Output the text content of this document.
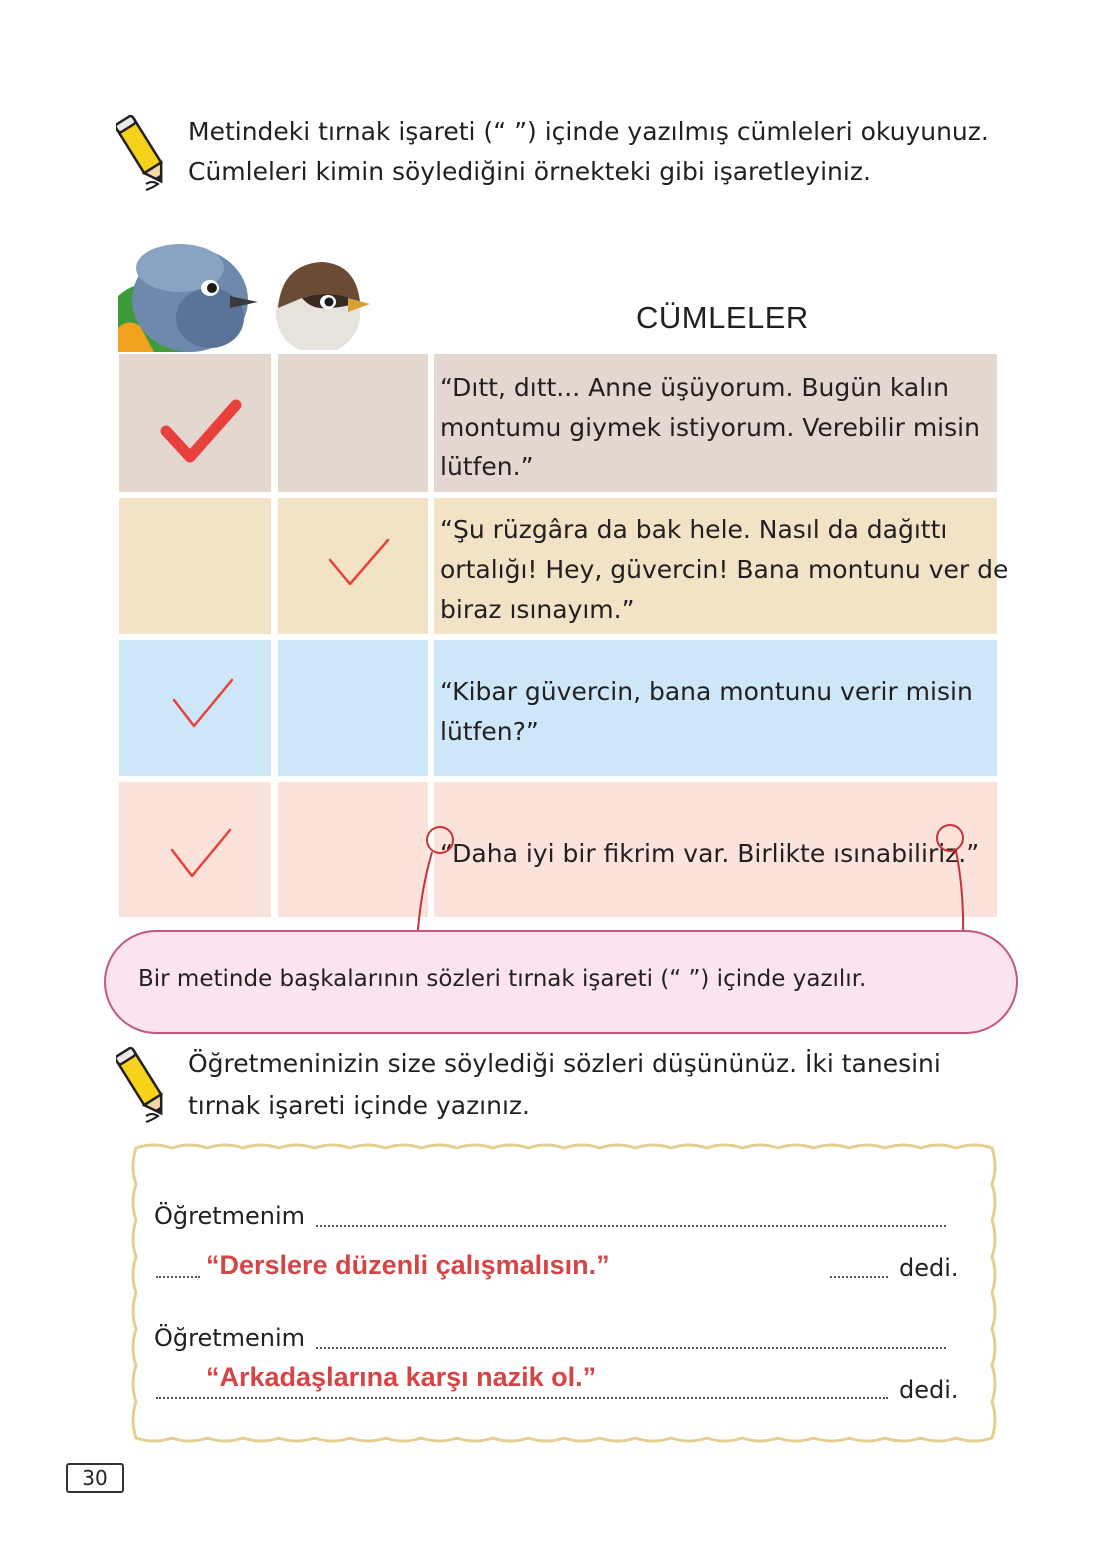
Metindeki tırnak işareti (“ ”) içinde yazılmış cümleleri okuyunuz.
Cümleleri kimin söylediğini örnekteki gibi işaretleyiniz.
CÜMLELER
“Dıtt, dıtt... Anne üşüyorum. Bugün kalın
montumu giymek istiyorum. Verebilir misin
lütfen.”
“Şu rüzgâra da bak hele. Nasıl da dağıttı
ortalığı! Hey, güvercin! Bana montunu ver de
biraz ısınayım.”
“Kibar güvercin, bana montunu verir misin
lütfen?”
“Daha iyi bir fikrim var. Birlikte ısınabiliriz.”
Bir metinde başkalarının sözleri tırnak işareti (“ ”) içinde yazılır.
Öğretmeninizin size söylediği sözleri düşününüz. İki tanesini
tırnak işareti içinde yazınız.
Öğretmenim
“Derslere düzenli çalışmalısın.”	dedi.
Öğretmenim
“Arkadaşlarına karşı nazik ol.”	dedi.
30
